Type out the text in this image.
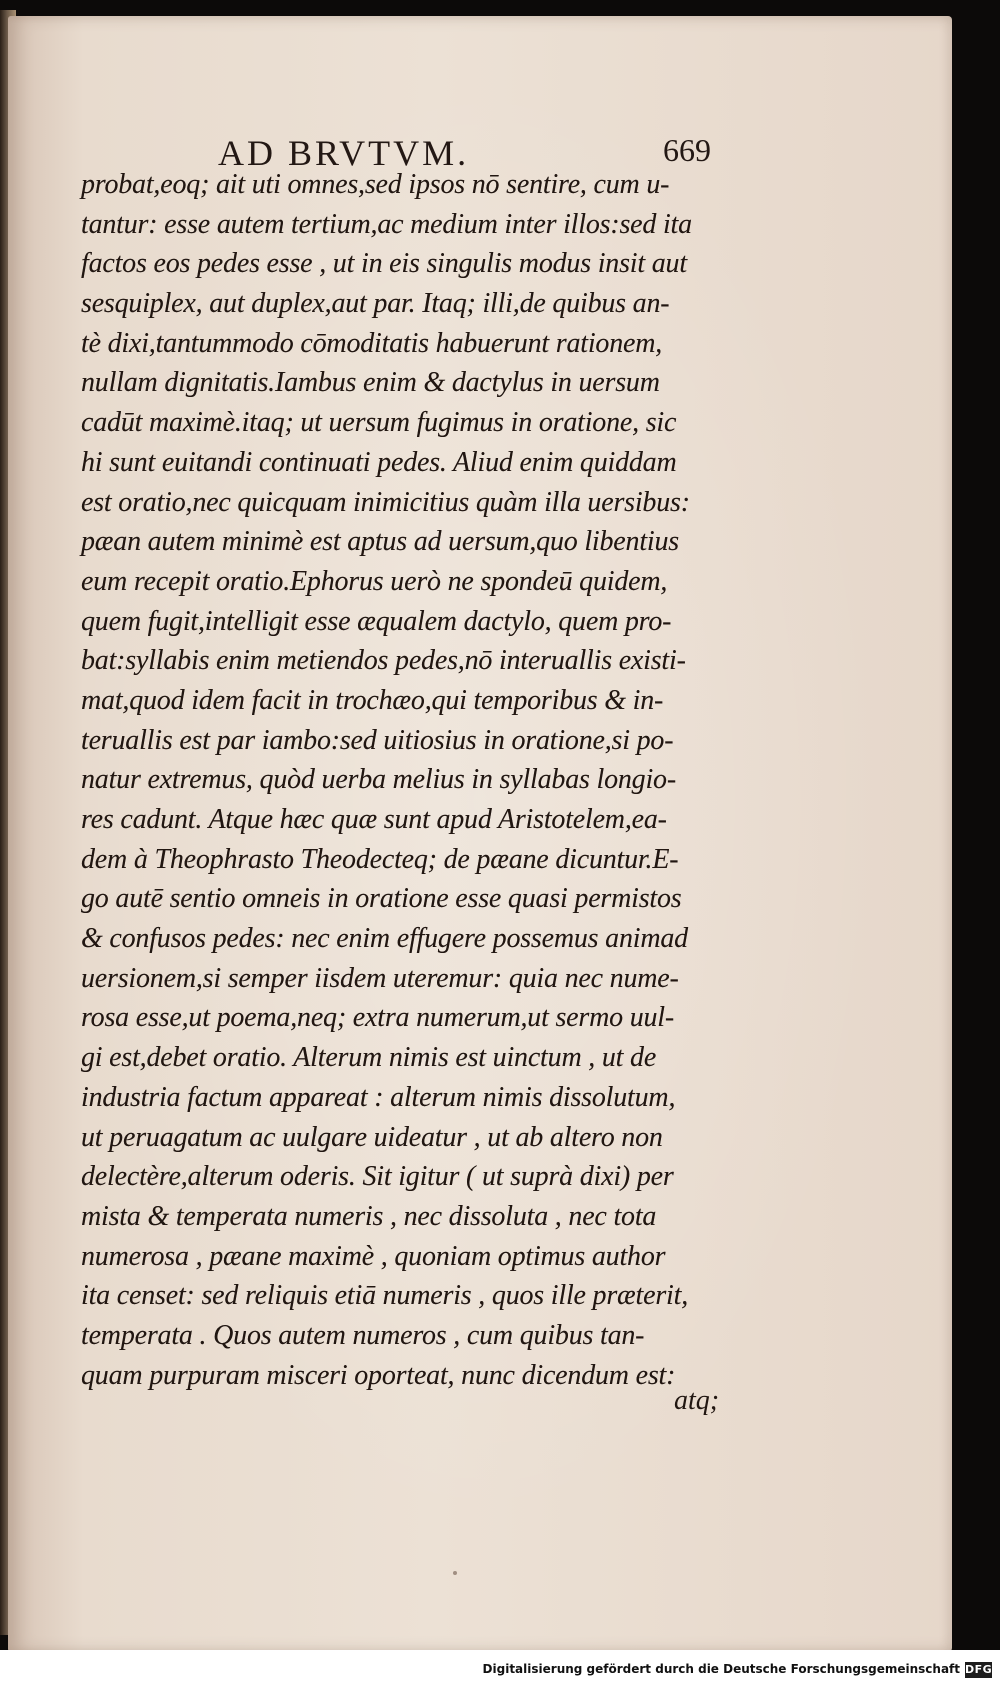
AD BRVTVM.	669
probat,eoq; ait uti omnes,sed ipsos nō sentire, cum u-
tantur: esse autem tertium,ac medium inter illos:sed ita
factos eos pedes esse , ut in eis singulis modus insit aut
sesquiplex, aut duplex,aut par. Itaq; illi,de quibus an-
tè dixi,tantummodo cōmoditatis habuerunt rationem,
nullam dignitatis.Iambus enim & dactylus in uersum
cadūt maximè.itaq; ut uersum fugimus in oratione, sic
hi sunt euitandi continuati pedes. Aliud enim quiddam
est oratio,nec quicquam inimicitius quàm illa uersibus:
pæan autem minimè est aptus ad uersum,quo libentius
eum recepit oratio.Ephorus uerò ne spondeū quidem,
quem fugit,intelligit esse æqualem dactylo, quem pro-
bat:syllabis enim metiendos pedes,nō interuallis existi-
mat,quod idem facit in trochæo,qui temporibus & in-
teruallis est par iambo:sed uitiosius in oratione,si po-
natur extremus, quòd uerba melius in syllabas longio-
res cadunt. Atque hæc quæ sunt apud Aristotelem,ea-
dem à Theophrasto Theodecteq; de pæane dicuntur.E-
go autē sentio omneis in oratione esse quasi permistos
& confusos pedes: nec enim effugere possemus animad
uersionem,si semper iisdem uteremur: quia nec nume-
rosa esse,ut poema,neq; extra numerum,ut sermo uul-
gi est,debet oratio. Alterum nimis est uinctum , ut de
industria factum appareat : alterum nimis dissolutum,
ut peruagatum ac uulgare uideatur , ut ab altero non
delectère,alterum oderis. Sit igitur ( ut suprà dixi) per
mista & temperata numeris , nec dissoluta , nec tota
numerosa , pæane maximè , quoniam optimus author
ita censet: sed reliquis etiā numeris , quos ille præterit,
temperata . Quos autem numeros , cum quibus tan-
quam purpuram misceri oporteat, nunc dicendum est:
atq;
Digitalisierung gefördert durch die Deutsche Forschungsgemeinschaft DFG
